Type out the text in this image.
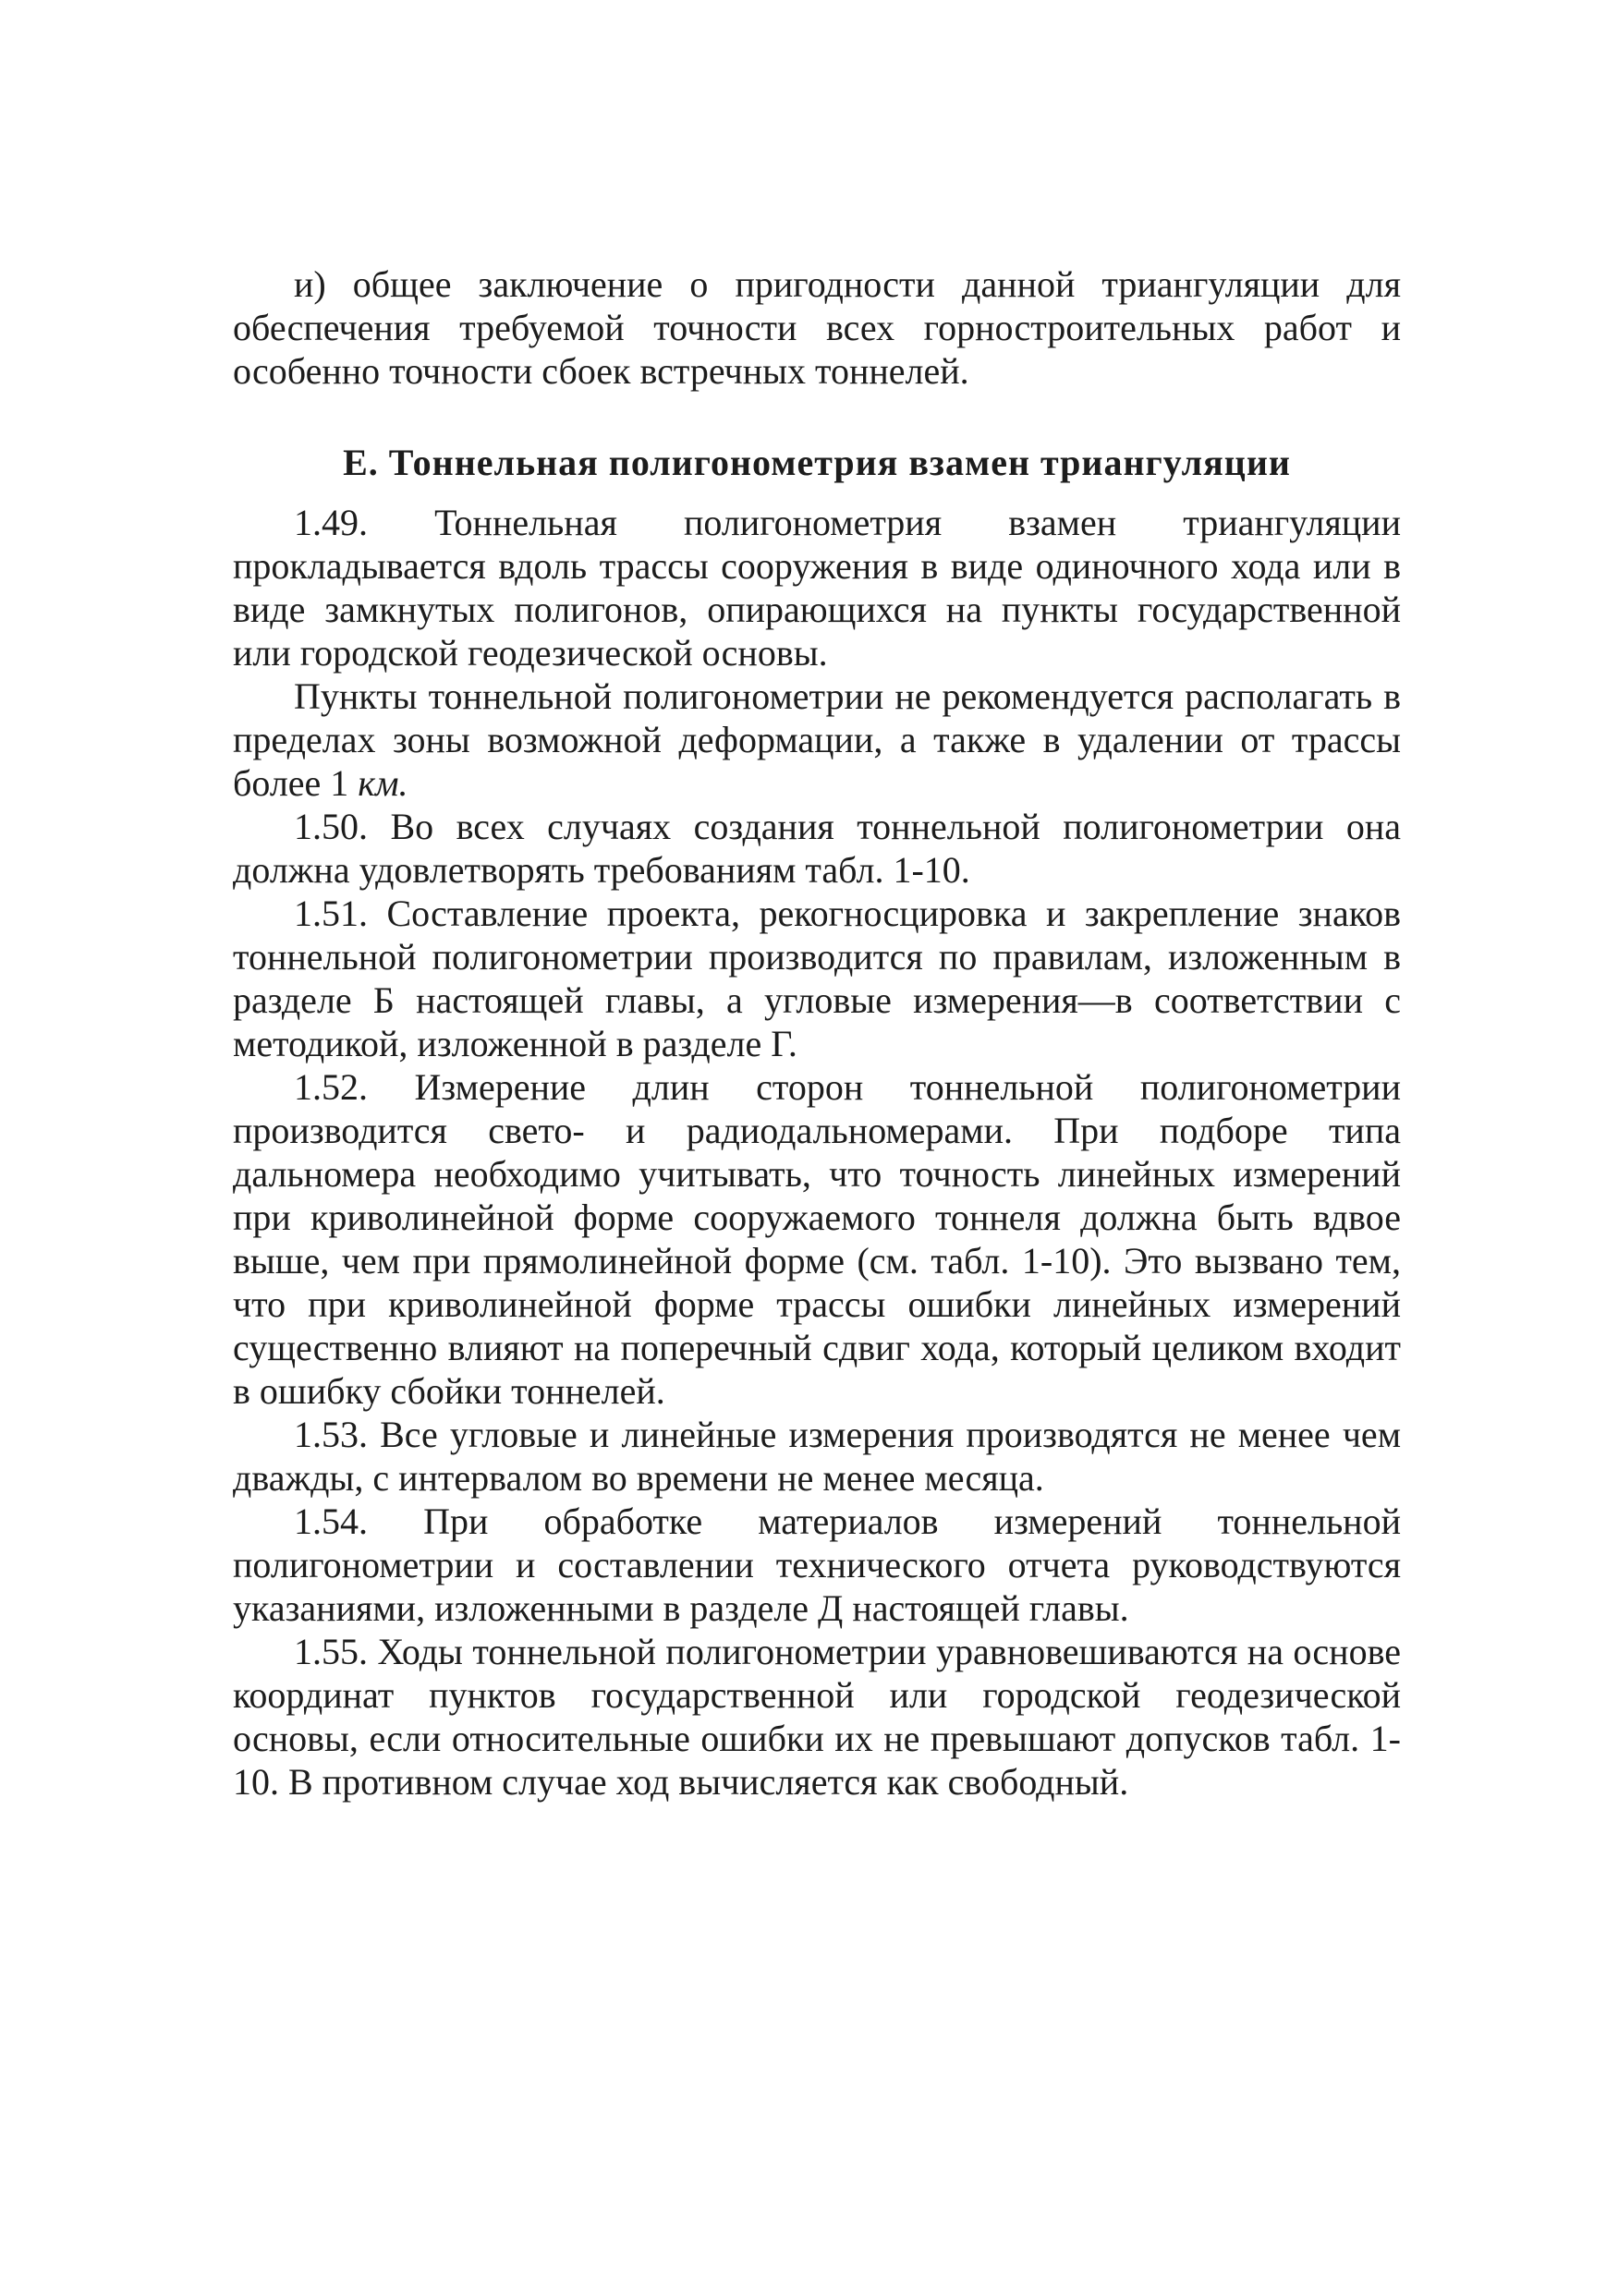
и) общее заключение о пригодности данной триангуляции для обеспечения требуемой точности всех горностроительных работ и особенно точности сбоек встречных тоннелей.

Е. Тоннельная полигонометрия взамен триангуляции

1.49. Тоннельная полигонометрия взамен триангуляции прокладывается вдоль трассы сооружения в виде одиночного хода или в виде замкнутых полигонов, опирающихся на пункты государственной или городской геодезической основы.

Пункты тоннельной полигонометрии не рекомендуется располагать в пределах зоны возможной деформации, а также в удалении от трассы более 1 км.

1.50. Во всех случаях создания тоннельной полигонометрии она должна удовлетворять требованиям табл. 1-10.

1.51. Составление проекта, рекогносцировка и закрепление знаков тоннельной полигонометрии производится по правилам, изложенным в разделе Б настоящей главы, а угловые измерения—в соответствии с методикой, изложенной в разделе Г.

1.52. Измерение длин сторон тоннельной полигонометрии производится свето- и радиодальномерами. При подборе типа дальномера необходимо учитывать, что точность линейных измерений при криволинейной форме сооружаемого тоннеля должна быть вдвое выше, чем при прямолинейной форме (см. табл. 1-10). Это вызвано тем, что при криволинейной форме трассы ошибки линейных измерений существенно влияют на поперечный сдвиг хода, который целиком входит в ошибку сбойки тоннелей.

1.53. Все угловые и линейные измерения производятся не менее чем дважды, с интервалом во времени не менее месяца.

1.54. При обработке материалов измерений тоннельной полигонометрии и составлении технического отчета руководствуются указаниями, изложенными в разделе Д настоящей главы.

1.55. Ходы тоннельной полигонометрии уравновешиваются на основе координат пунктов государственной или городской геодезической основы, если относительные ошибки их не превышают допусков табл. 1-10. В противном случае ход вычисляется как свободный.
